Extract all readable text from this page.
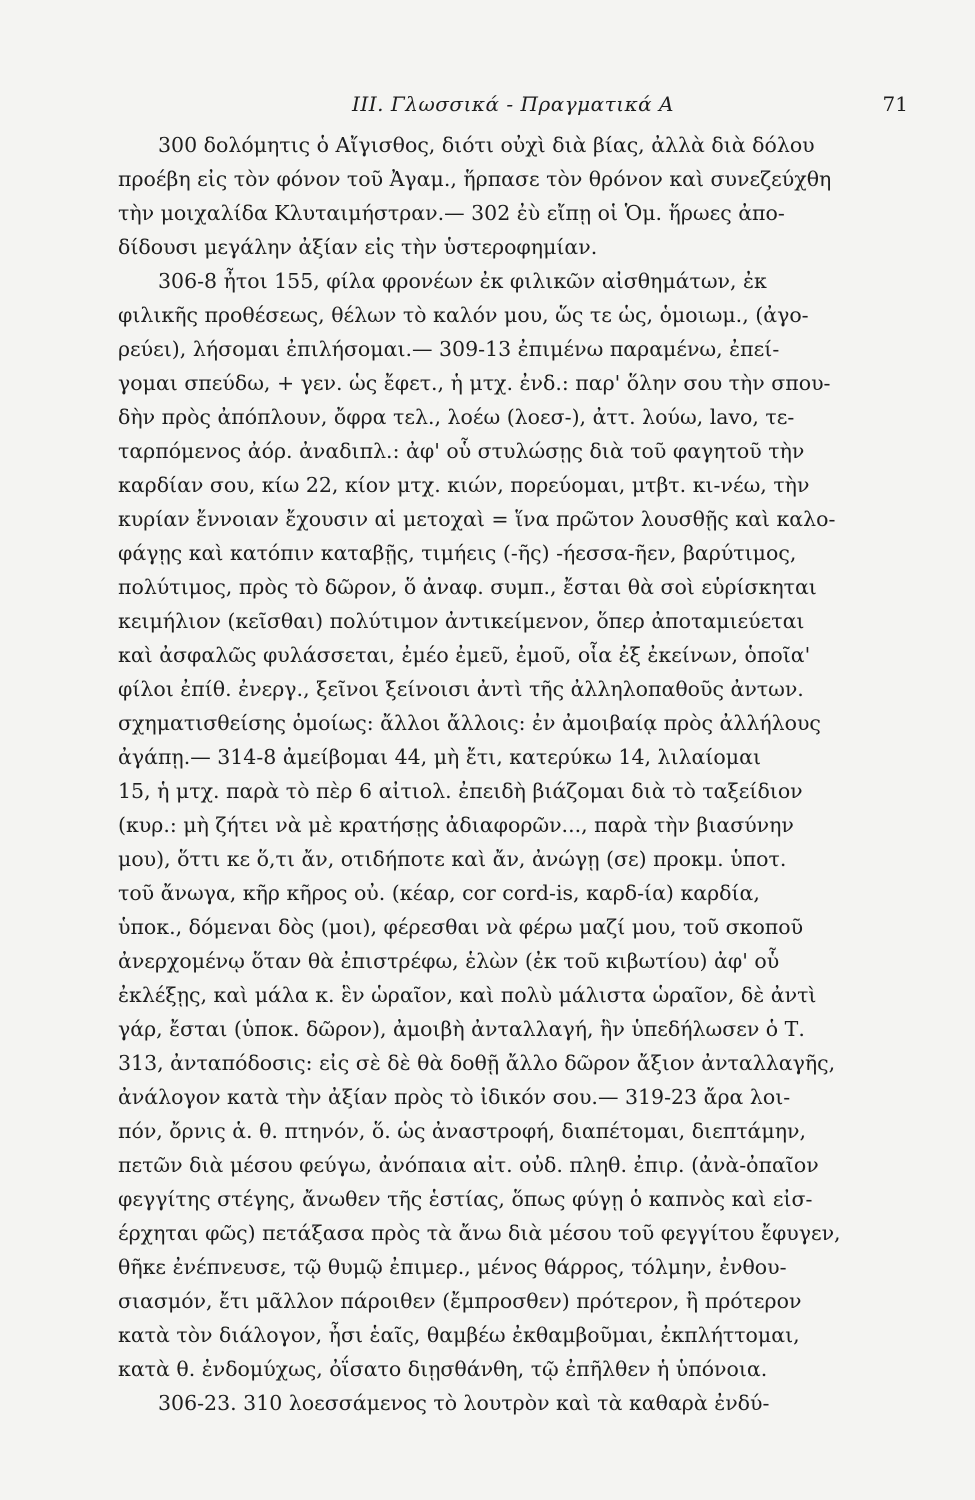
III. Γλωσσικά - Πραγματικά Α	71
300 δολόμητις ὁ Αἴγισθος, διότι οὐχὶ διὰ βίας, ἀλλὰ διὰ δόλου
προέβη εἰς τὸν φόνον τοῦ Ἀγαμ., ἥρπασε τὸν θρόνον καὶ συνεζεύχθη
τὴν μοιχαλίδα Κλυταιμήστραν.— 302 ἐὺ εἴπῃ οἱ Ὁμ. ἥρωες ἀπο-
δίδουσι μεγάλην ἀξίαν εἰς τὴν ὑστεροφημίαν.
306-8 ἦτοι 155, φίλα φρονέων ἐκ φιλικῶν αἰσθημάτων, ἐκ
φιλικῆς προθέσεως, θέλων τὸ καλόν μου, ὥς τε ὡς, ὁμοιωμ., (ἀγο-
ρεύει), λήσομαι ἐπιλήσομαι.— 309-13 ἐπιμένω παραμένω, ἐπεί-
γομαι σπεύδω, + γεν. ὡς ἔφετ., ἡ μτχ. ἐνδ.: παρ' ὅλην σου τὴν σπου-
δὴν πρὸς ἀπόπλουν, ὄφρα τελ., λοέω (λοεσ-), ἀττ. λούω, lavo, τε-
ταρπόμενος ἀόρ. ἀναδιπλ.: ἀφ' οὗ στυλώσῃς διὰ τοῦ φαγητοῦ τὴν
καρδίαν σου, κίω 22, κίον μτχ. κιών, πορεύομαι, μτβτ. κι-νέω, τὴν
κυρίαν ἔννοιαν ἔχουσιν αἱ μετοχαὶ = ἵνα πρῶτον λουσθῇς καὶ καλο-
φάγῃς καὶ κατόπιν καταβῇς, τιμήεις (-ῆς) -ήεσσα-ῆεν, βαρύτιμος,
πολύτιμος, πρὸς τὸ δῶρον, ὅ ἀναφ. συμπ., ἔσται θὰ σοὶ εὑρίσκηται
κειμήλιον (κεῖσθαι) πολύτιμον ἀντικείμενον, ὅπερ ἀποταμιεύεται
καὶ ἀσφαλῶς φυλάσσεται, ἐμέο ἐμεῦ, ἐμοῦ, οἷα ἐξ ἐκείνων, ὁποῖα'
φίλοι ἐπίθ. ἐνεργ., ξεῖνοι ξείνοισι ἀντὶ τῆς ἀλληλοπαθοῦς ἀντων.
σχηματισθείσης ὁμοίως: ἄλλοι ἄλλοις: ἐν ἀμοιβαίᾳ πρὸς ἀλλήλους
ἀγάπῃ.— 314-8 ἀμείβομαι 44, μὴ ἔτι, κατερύκω 14, λιλαίομαι
15, ἡ μτχ. παρὰ τὸ πὲρ 6 αἰτιολ. ἐπειδὴ βιάζομαι διὰ τὸ ταξείδιον
(κυρ.: μὴ ζήτει νὰ μὲ κρατήσῃς ἀδιαφορῶν..., παρὰ τὴν βιασύνην
μου), ὅττι κε ὅ,τι ἄν, οτιδήποτε καὶ ἄν, ἀνώγῃ (σε) προκμ. ὑποτ.
τοῦ ἄνωγα, κῆρ κῆρος οὐ. (κέαρ, cor cord-is, καρδ-ία) καρδία,
ὑποκ., δόμεναι δὸς (μοι), φέρεσθαι νὰ φέρω μαζί μου, τοῦ σκοποῦ
ἀνερχομένῳ ὅταν θὰ ἐπιστρέφω, ἑλὼν (ἐκ τοῦ κιβωτίου) ἀφ' οὗ
ἐκλέξῃς, καὶ μάλα κ. ἓν ὡραῖον, καὶ πολὺ μάλιστα ὡραῖον, δὲ ἀντὶ
γάρ, ἔσται (ὑποκ. δῶρον), ἀμοιβὴ ἀνταλλαγή, ἣν ὑπεδήλωσεν ὁ Τ.
313, ἀνταπόδοσις: εἰς σὲ δὲ θὰ δοθῇ ἄλλο δῶρον ἄξιον ἀνταλλαγῆς,
ἀνάλογον κατὰ τὴν ἀξίαν πρὸς τὸ ἰδικόν σου.— 319-23 ἄρα λοι-
πόν, ὄρνις ἁ. θ. πτηνόν, ὅ. ὡς ἀναστροφή, διαπέτομαι, διεπτάμην,
πετῶν διὰ μέσου φεύγω, ἀνόπαια αἰτ. οὐδ. πληθ. ἐπιρ. (ἀνὰ-ὀπαῖον
φεγγίτης στέγης, ἄνωθεν τῆς ἑστίας, ὅπως φύγῃ ὁ καπνὸς καὶ εἰσ-
έρχηται φῶς) πετάξασα πρὸς τὰ ἄνω διὰ μέσου τοῦ φεγγίτου ἔφυγεν,
θῆκε ἐνέπνευσε, τῷ θυμῷ ἐπιμερ., μένος θάρρος, τόλμην, ἐνθου-
σιασμόν, ἔτι μᾶλλον πάροιθεν (ἔμπροσθεν) πρότερον, ἢ πρότερον
κατὰ τὸν διάλογον, ἦσι ἑαῖς, θαμβέω ἐκθαμβοῦμαι, ἐκπλήττομαι,
κατὰ θ. ἐνδομύχως, ὀΐσατο διῃσθάνθη, τῷ ἐπῆλθεν ἡ ὑπόνοια.
306-23. 310 λοεσσάμενος τὸ λουτρὸν καὶ τὰ καθαρὰ ἐνδύ-
